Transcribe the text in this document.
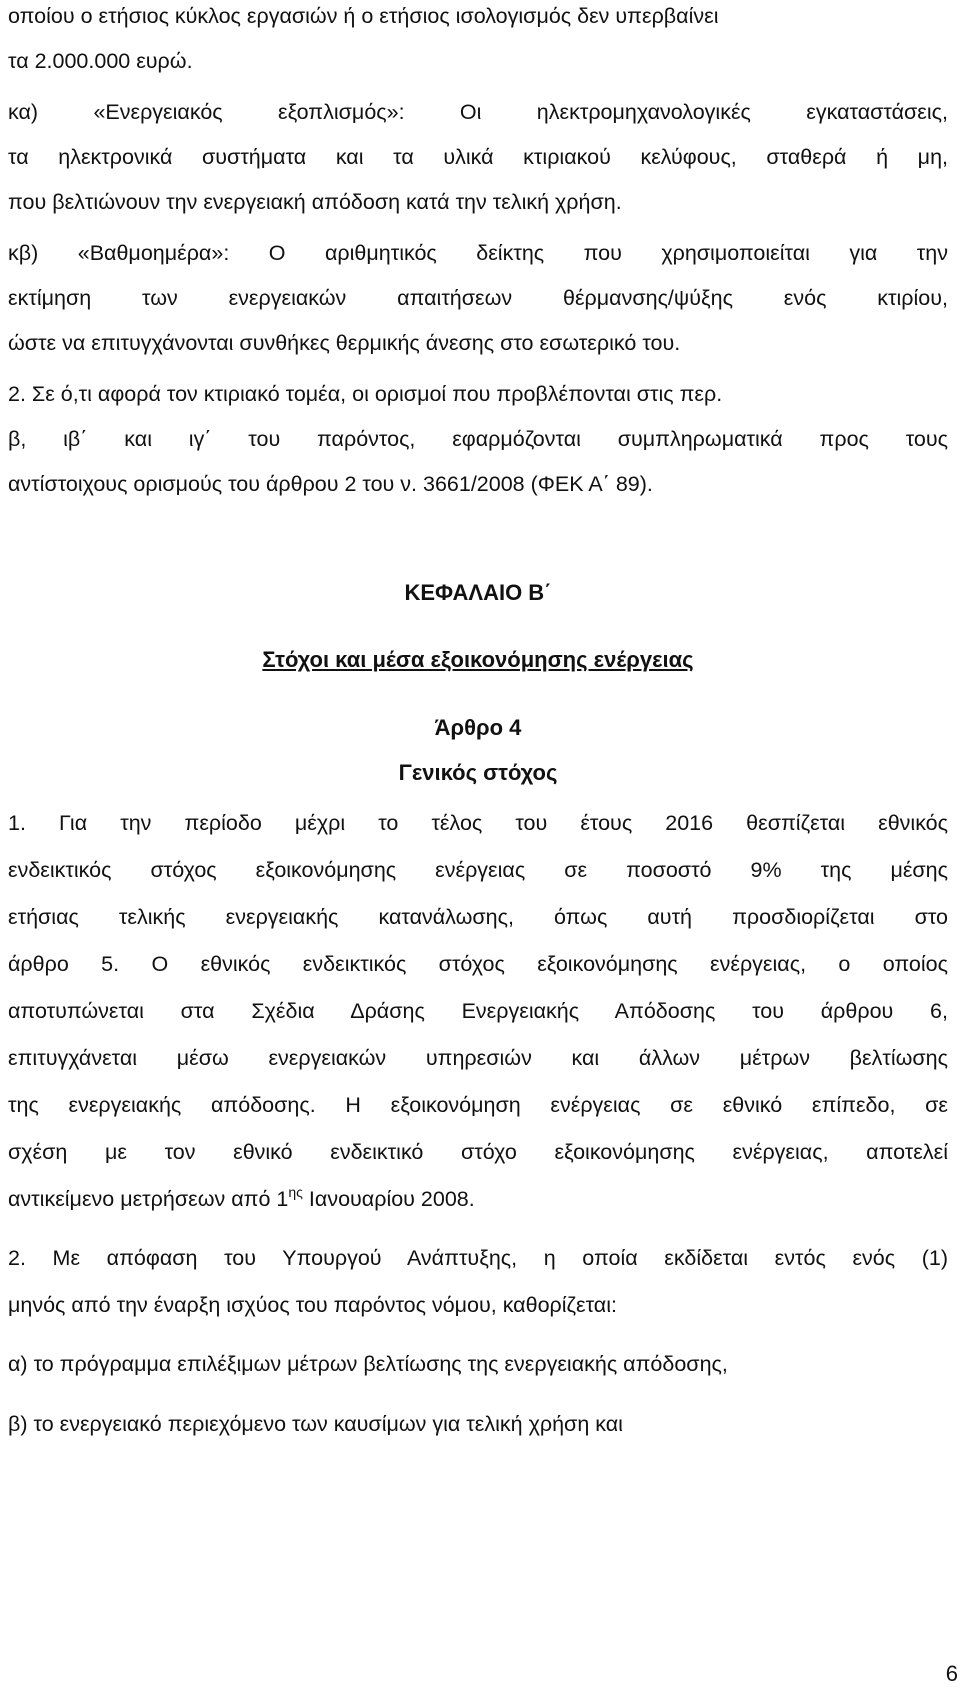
οποίου ο ετήσιος κύκλος εργασιών ή ο ετήσιος ισολογισμός δεν υπερβαίνει
τα 2.000.000 ευρώ.
κα) «Ενεργειακός εξοπλισμός»: Οι ηλεκτρομηχανολογικές εγκαταστάσεις,
τα ηλεκτρονικά συστήματα και τα υλικά κτιριακού κελύφους, σταθερά ή μη,
που βελτιώνουν την ενεργειακή απόδοση κατά την τελική χρήση.
κβ) «Βαθμοημέρα»: Ο αριθμητικός δείκτης που χρησιμοποιείται για την
εκτίμηση των ενεργειακών απαιτήσεων θέρμανσης/ψύξης ενός κτιρίου,
ώστε να επιτυγχάνονται συνθήκες θερμικής άνεσης στο εσωτερικό του.
2. Σε ό,τι αφορά τον κτιριακό τομέα, οι ορισμοί που προβλέπονται στις περ.
β, ιβ΄ και ιγ΄ του παρόντος, εφαρμόζονται συμπληρωματικά προς τους
αντίστοιχους ορισμούς του άρθρου 2 του ν. 3661/2008 (ΦΕΚ Α΄ 89).
ΚΕΦΑΛΑΙΟ Β΄
Στόχοι και μέσα εξοικονόμησης ενέργειας
Άρθρο 4
Γενικός στόχος
1. Για την περίοδο μέχρι το τέλος του έτους 2016 θεσπίζεται εθνικός
ενδεικτικός στόχος εξοικονόμησης ενέργειας σε ποσοστό 9% της μέσης
ετήσιας τελικής ενεργειακής κατανάλωσης, όπως αυτή προσδιορίζεται στο
άρθρο 5. Ο εθνικός ενδεικτικός στόχος εξοικονόμησης ενέργειας, ο οποίος
αποτυπώνεται στα Σχέδια Δράσης Ενεργειακής Απόδοσης του άρθρου 6,
επιτυγχάνεται μέσω ενεργειακών υπηρεσιών και άλλων μέτρων βελτίωσης
της ενεργειακής απόδοσης. Η εξοικονόμηση ενέργειας σε εθνικό επίπεδο, σε
σχέση με τον εθνικό ενδεικτικό στόχο εξοικονόμησης ενέργειας, αποτελεί
αντικείμενο μετρήσεων από $1^{\eta\varsigma}$ Ιανουαρίου 2008.
2. Με απόφαση του Υπουργού Ανάπτυξης, η οποία εκδίδεται εντός ενός (1)
μηνός από την έναρξη ισχύος του παρόντος νόμου, καθορίζεται:
α) το πρόγραμμα επιλέξιμων μέτρων βελτίωσης της ενεργειακής απόδοσης,
β) το ενεργειακό περιεχόμενο των καυσίμων για τελική χρήση και
6
